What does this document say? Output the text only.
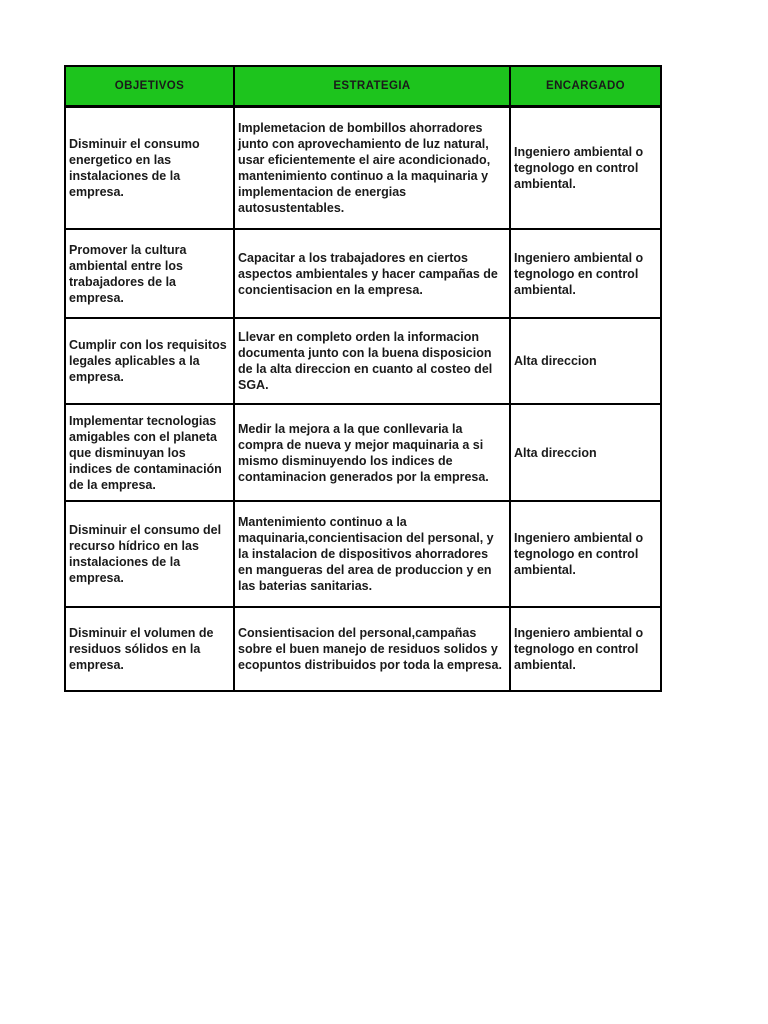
OBJETIVOS	ESTRATEGIA	ENCARGADO
Disminuir el consumo energetico en las instalaciones de la empresa.	Implemetacion de bombillos ahorradores junto con aprovechamiento de luz natural, usar eficientemente el aire acondicionado, mantenimiento continuo a la maquinaria y implementacion de energias autosustentables.	Ingeniero ambiental o tegnologo en control ambiental.
Promover la cultura ambiental entre los trabajadores de la empresa.	Capacitar a los trabajadores en ciertos aspectos ambientales y hacer campañas de concientisacion en la empresa.	Ingeniero ambiental o tegnologo en control ambiental.
Cumplir con los requisitos legales aplicables a la empresa.	Llevar en completo orden la informacion documenta junto con la buena disposicion de la alta direccion en cuanto al costeo del SGA.	Alta direccion
Implementar tecnologias amigables con el planeta que disminuyan los indices de contaminación de la empresa.	Medir la mejora a la que conllevaria la compra de nueva y mejor maquinaria a si mismo disminuyendo los indices de contaminacion generados por la empresa.	Alta direccion
Disminuir el consumo del recurso hídrico en las instalaciones de la empresa.	Mantenimiento continuo a la maquinaria,concientisacion del personal, y la instalacion de dispositivos ahorradores en mangueras del area de produccion y en las baterias sanitarias.	Ingeniero ambiental o tegnologo en control ambiental.
Disminuir el volumen de residuos sólidos en la empresa.	Consientisacion del personal,campañas sobre el buen manejo de residuos solidos y ecopuntos distribuidos por toda la empresa.	Ingeniero ambiental o tegnologo en control ambiental.
